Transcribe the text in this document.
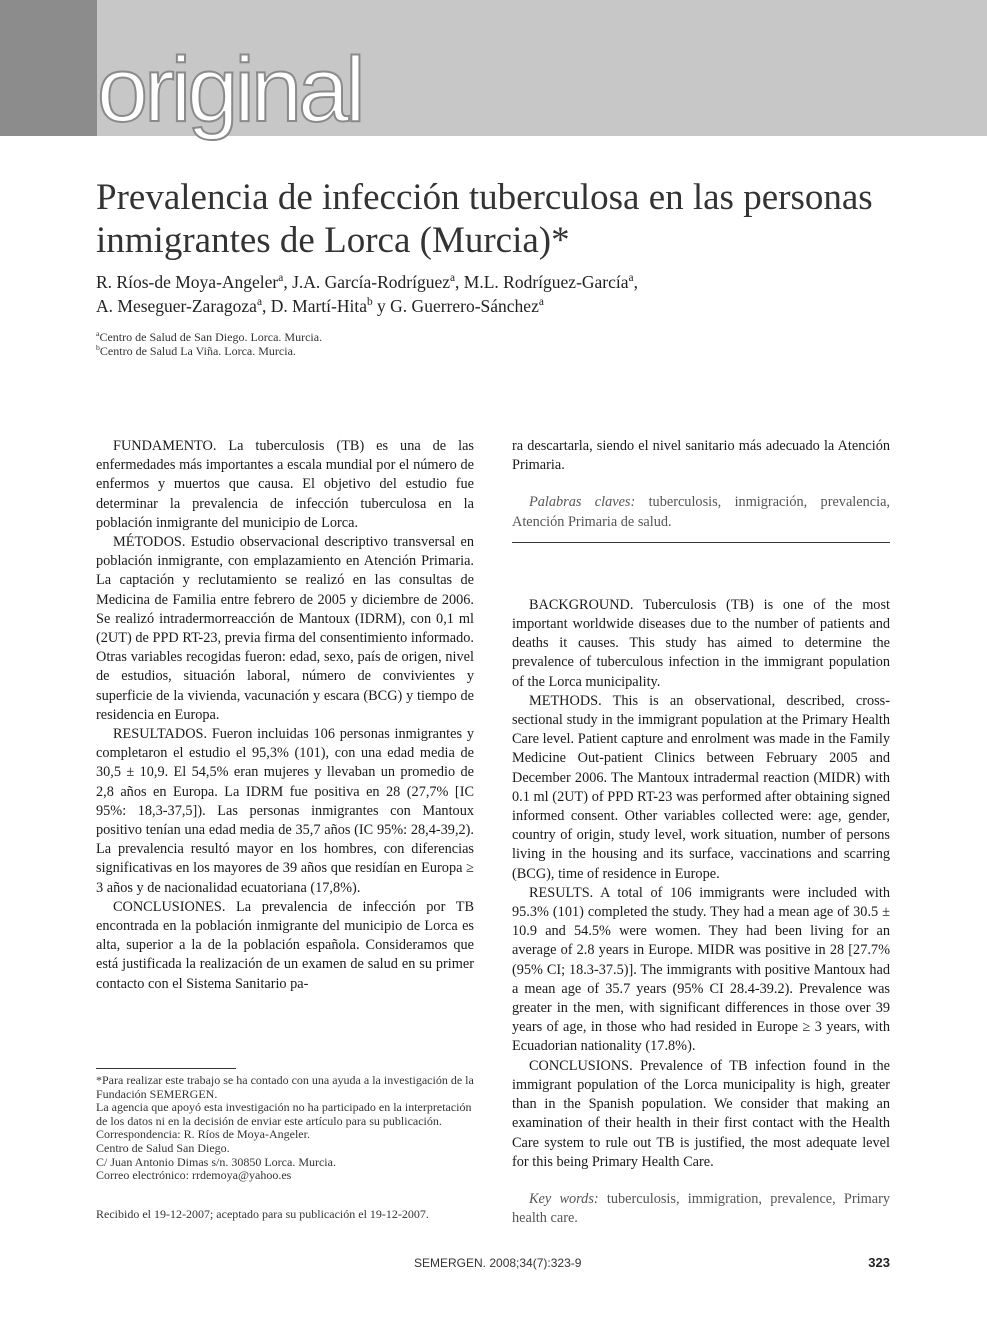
original
Prevalencia de infección tuberculosa en las personas inmigrantes de Lorca (Murcia)*
R. Ríos-de Moya-Angeler$^a$, J.A. García-Rodríguez$^a$, M.L. Rodríguez-García$^a$,
A. Meseguer-Zaragoza$^a$, D. Martí-Hita$^b$ y G. Guerrero-Sánchez$^a$
$^a$Centro de Salud de San Diego. Lorca. Murcia.
$^b$Centro de Salud La Viña. Lorca. Murcia.

FUNDAMENTO. La tuberculosis (TB) es una de las enfermedades más importantes a escala mundial por el número de enfermos y muertos que causa. El objetivo del estudio fue determinar la prevalencia de infección tuberculosa en la población inmigrante del municipio de Lorca.

MÉTODOS. Estudio observacional descriptivo transversal en población inmigrante, con emplazamiento en Atención Primaria. La captación y reclutamiento se realizó en las consultas de Medicina de Familia entre febrero de 2005 y diciembre de 2006. Se realizó intradermorreacción de Mantoux (IDRM), con 0,1 ml (2UT) de PPD RT-23, previa firma del consentimiento informado. Otras variables recogidas fueron: edad, sexo, país de origen, nivel de estudios, situación laboral, número de convivientes y superficie de la vivienda, vacunación y escara (BCG) y tiempo de residencia en Europa.

RESULTADOS. Fueron incluidas 106 personas inmigrantes y completaron el estudio el 95,3% (101), con una edad media de 30,5 ± 10,9. El 54,5% eran mujeres y llevaban un promedio de 2,8 años en Europa. La IDRM fue positiva en 28 (27,7% [IC 95%: 18,3-37,5]). Las personas inmigrantes con Mantoux positivo tenían una edad media de 35,7 años (IC 95%: 28,4-39,2). La prevalencia resultó mayor en los hombres, con diferencias significativas en los mayores de 39 años que residían en Europa ≥ 3 años y de nacionalidad ecuatoriana (17,8%).

CONCLUSIONES. La prevalencia de infección por TB encontrada en la población inmigrante del municipio de Lorca es alta, superior a la de la población española. Consideramos que está justificada la realización de un examen de salud en su primer contacto con el Sistema Sanitario pa-

ra descartarla, siendo el nivel sanitario más adecuado la Atención Primaria.

Palabras claves: tuberculosis, inmigración, prevalencia, Atención Primaria de salud.

BACKGROUND. Tuberculosis (TB) is one of the most important worldwide diseases due to the number of patients and deaths it causes. This study has aimed to determine the prevalence of tuberculous infection in the immigrant population of the Lorca municipality.

METHODS. This is an observational, described, cross-sectional study in the immigrant population at the Primary Health Care level. Patient capture and enrolment was made in the Family Medicine Out-patient Clinics between February 2005 and December 2006. The Mantoux intradermal reaction (MIDR) with 0.1 ml (2UT) of PPD RT-23 was performed after obtaining signed informed consent. Other variables collected were: age, gender, country of origin, study level, work situation, number of persons living in the housing and its surface, vaccinations and scarring (BCG), time of residence in Europe.

RESULTS. A total of 106 immigrants were included with 95.3% (101) completed the study. They had a mean age of 30.5 ± 10.9 and 54.5% were women. They had been living for an average of 2.8 years in Europe. MIDR was positive in 28 [27.7% (95% CI; 18.3-37.5)]. The immigrants with positive Mantoux had a mean age of 35.7 years (95% CI 28.4-39.2). Prevalence was greater in the men, with significant differences in those over 39 years of age, in those who had resided in Europe ≥ 3 years, with Ecuadorian nationality (17.8%).

CONCLUSIONS. Prevalence of TB infection found in the immigrant population of the Lorca municipality is high, greater than in the Spanish population. We consider that making an examination of their health in their first contact with the Health Care system to rule out TB is justified, the most adequate level for this being Primary Health Care.

Key words: tuberculosis, immigration, prevalence, Primary health care.

*Para realizar este trabajo se ha contado con una ayuda a la investigación de la Fundación SEMERGEN.
La agencia que apoyó esta investigación no ha participado en la interpretación de los datos ni en la decisión de enviar este artículo para su publicación.
Correspondencia: R. Ríos de Moya-Angeler.
Centro de Salud San Diego.
C/ Juan Antonio Dimas s/n. 30850 Lorca. Murcia.
Correo electrónico: rrdemoya@yahoo.es
Recibido el 19-12-2007; aceptado para su publicación el 19-12-2007.
SEMERGEN. 2008;34(7):323-9	323
